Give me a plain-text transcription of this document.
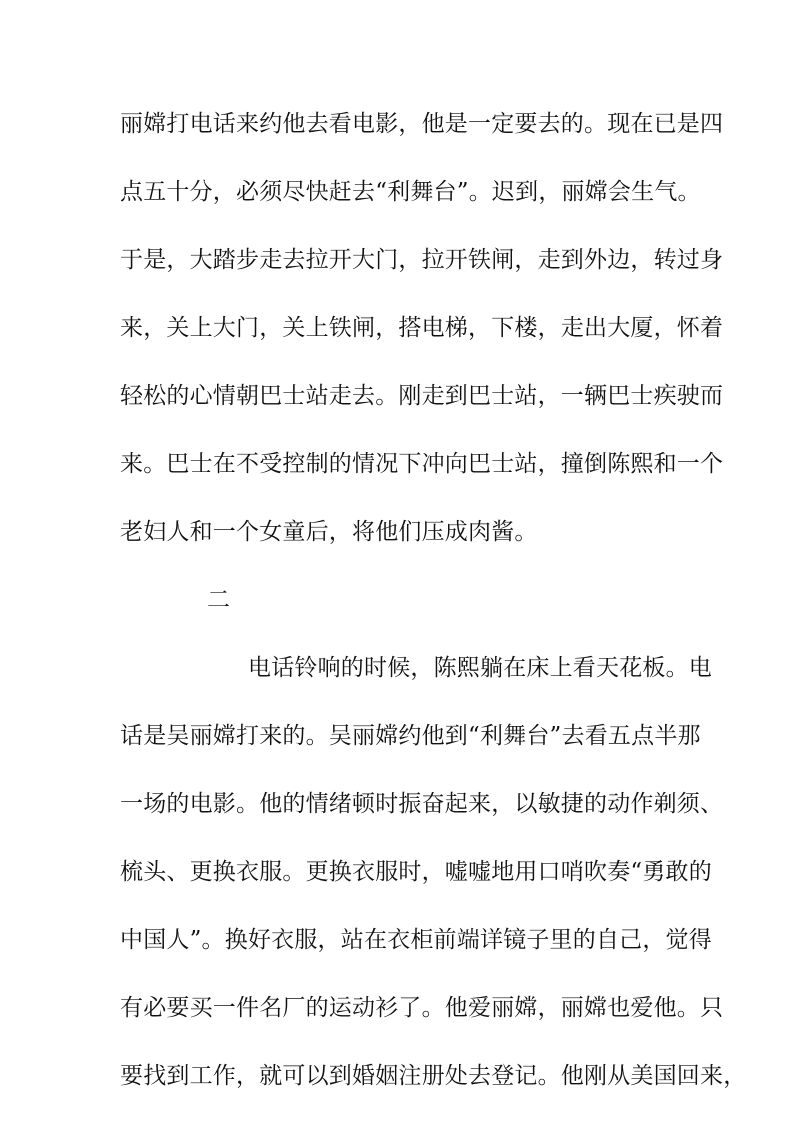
丽嫦打电话来约他去看电影，他是一定要去的。现在已是四
点五十分，必须尽快赶去“利舞台”。迟到，丽嫦会生气。
于是，大踏步走去拉开大门，拉开铁闸，走到外边，转过身
来，关上大门，关上铁闸，搭电梯，下楼，走出大厦，怀着
轻松的心情朝巴士站走去。刚走到巴士站，一辆巴士疾驶而
来。巴士在不受控制的情况下冲向巴士站，撞倒陈熙和一个
老妇人和一个女童后，将他们压成肉酱。
二
电话铃响的时候，陈熙躺在床上看天花板。电
话是吴丽嫦打来的。吴丽嫦约他到“利舞台”去看五点半那
一场的电影。他的情绪顿时振奋起来，以敏捷的动作剃须、
梳头、更换衣服。更换衣服时，嘘嘘地用口哨吹奏“勇敢的
中国人”。换好衣服，站在衣柜前端详镜子里的自己，觉得
有必要买一件名厂的运动衫了。他爱丽嫦，丽嫦也爱他。只
要找到工作，就可以到婚姻注册处去登记。他刚从美国回来，
